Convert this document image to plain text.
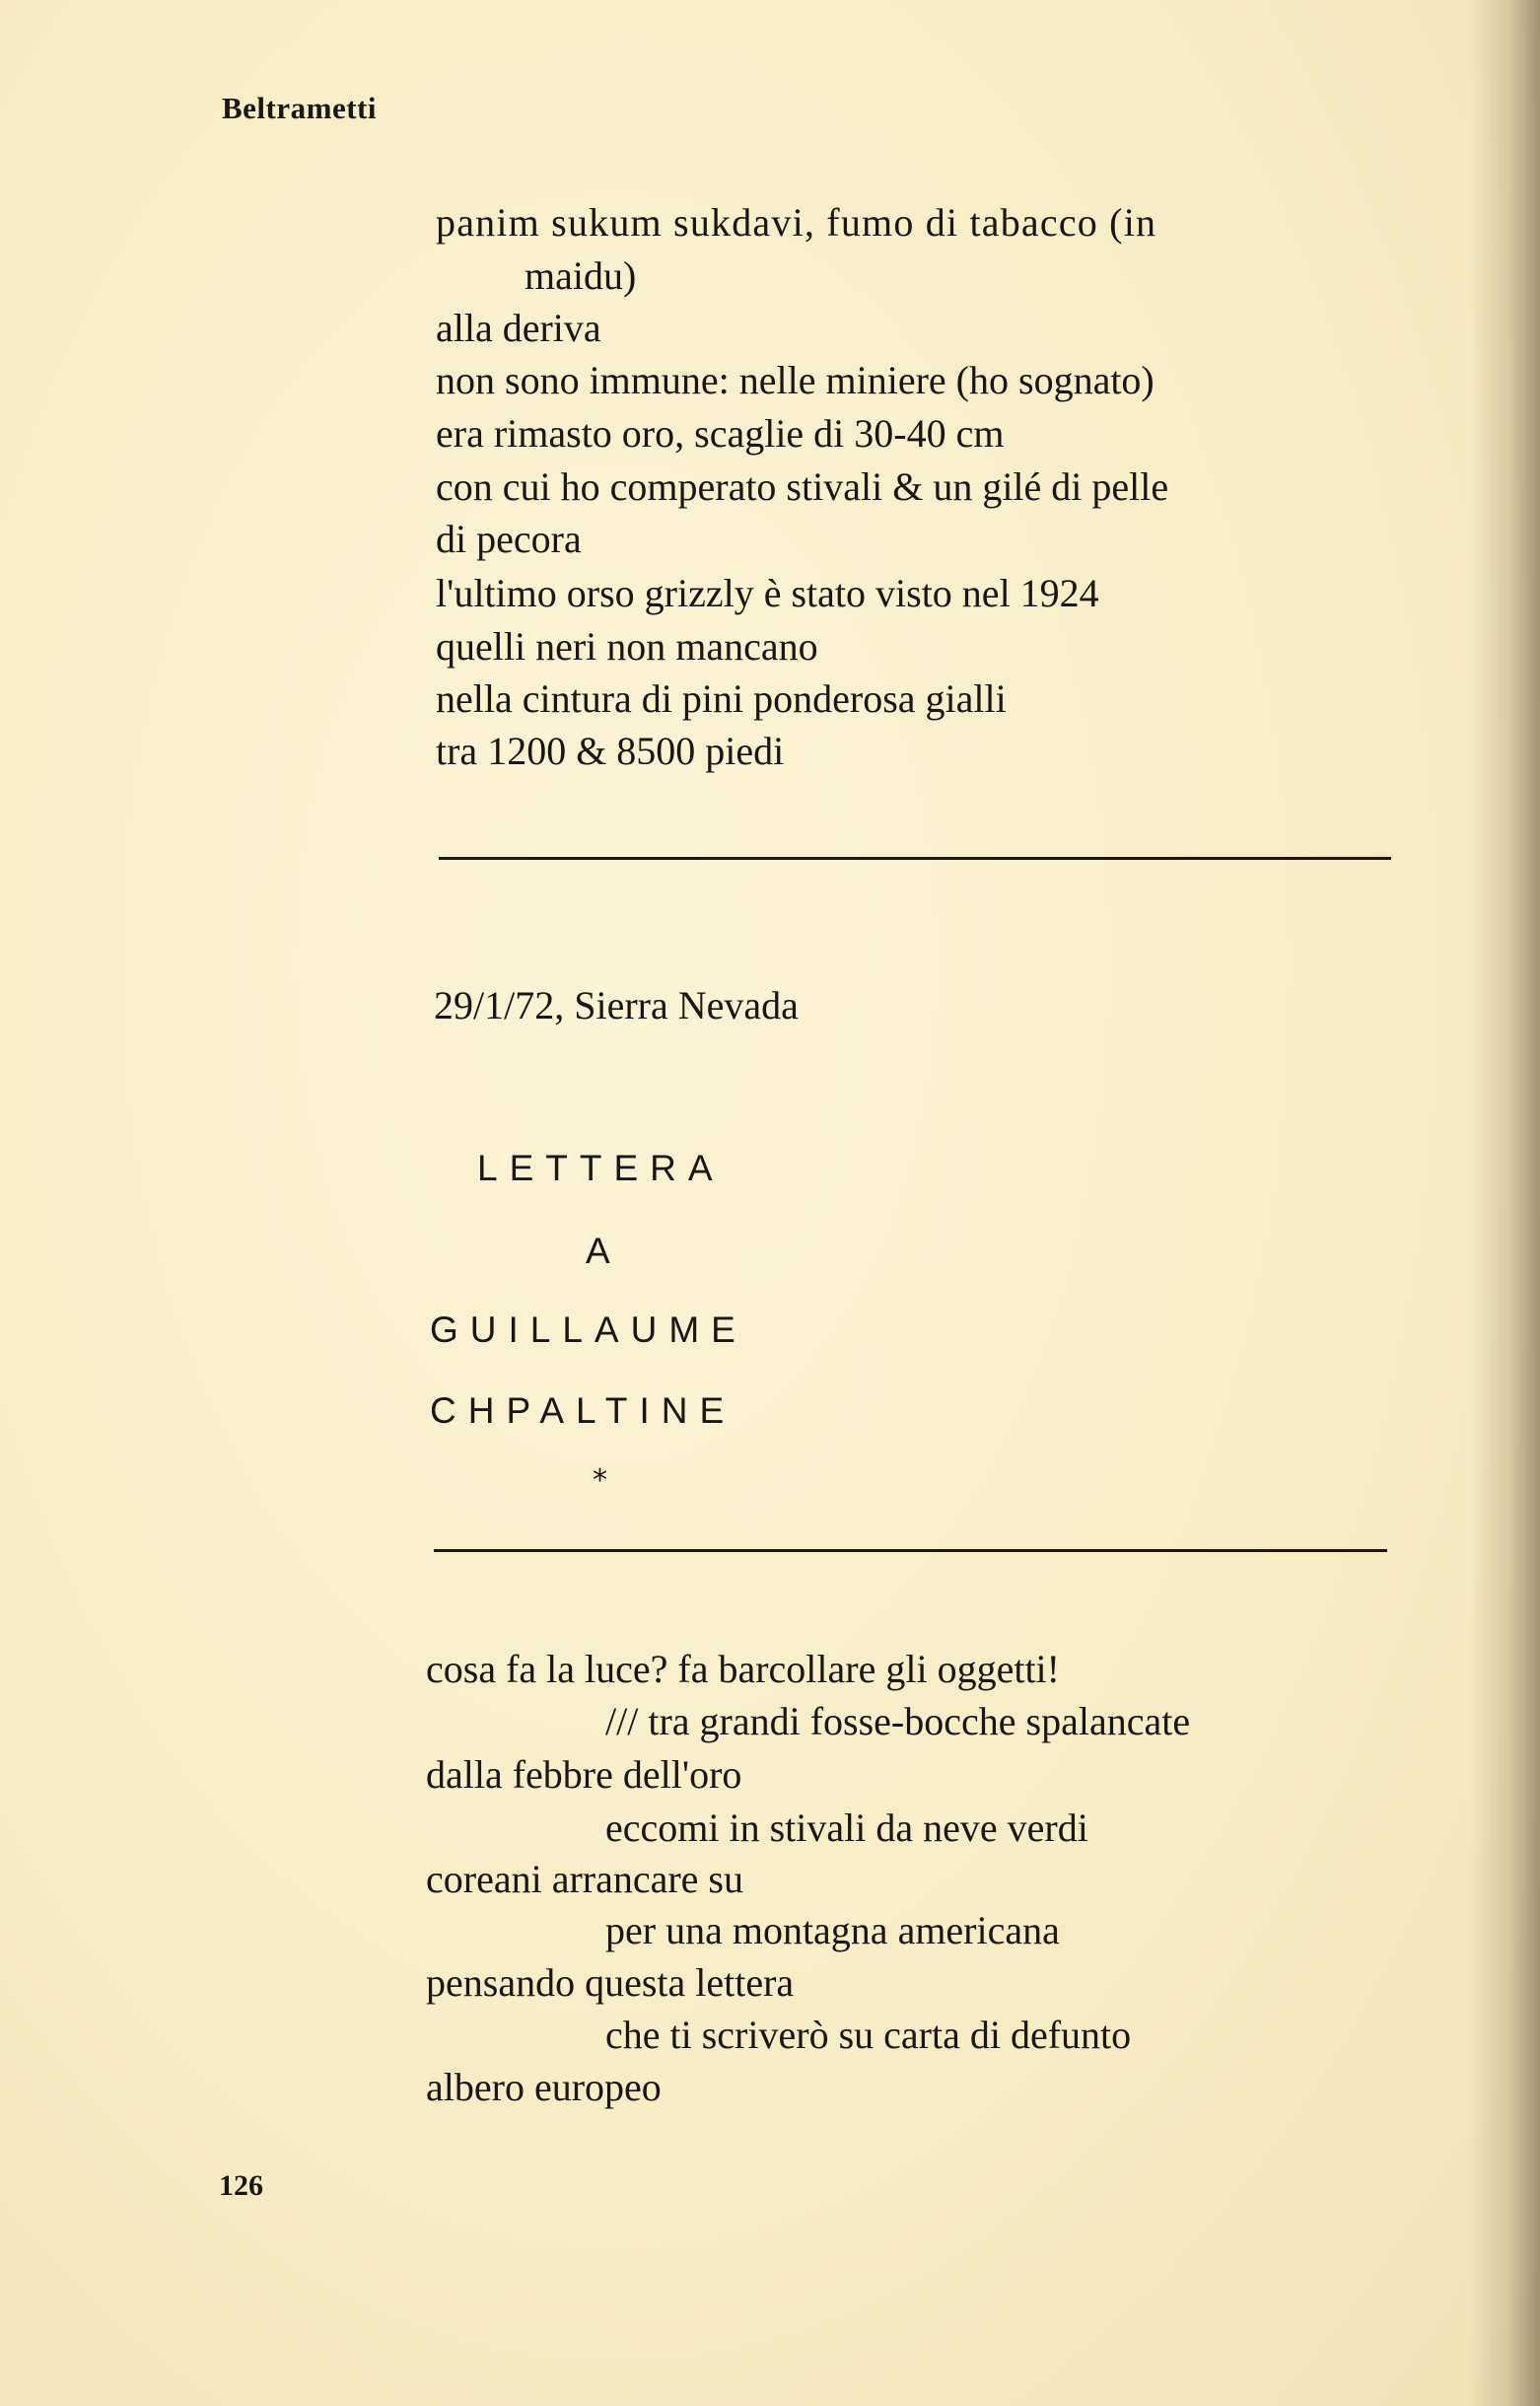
Beltrametti

panim sukum sukdavi, fumo di tabacco (in

maidu)

alla deriva

non sono immune: nelle miniere (ho sognato)

era rimasto oro, scaglie di 30-40 cm

con cui ho comperato stivali & un gilé di pelle

di pecora

l'ultimo orso grizzly è stato visto nel 1924

quelli neri non mancano

nella cintura di pini ponderosa gialli

tra 1200 & 8500 piedi

29/1/72, Sierra Nevada

LETTERA

A

GUILLAUME

CHPALTINE

*

cosa fa la luce? fa barcollare gli oggetti!

/// tra grandi fosse-bocche spalancate

dalla febbre dell'oro

eccomi in stivali da neve verdi

coreani arrancare su

per una montagna americana

pensando questa lettera

che ti scriverò su carta di defunto

albero europeo

126
